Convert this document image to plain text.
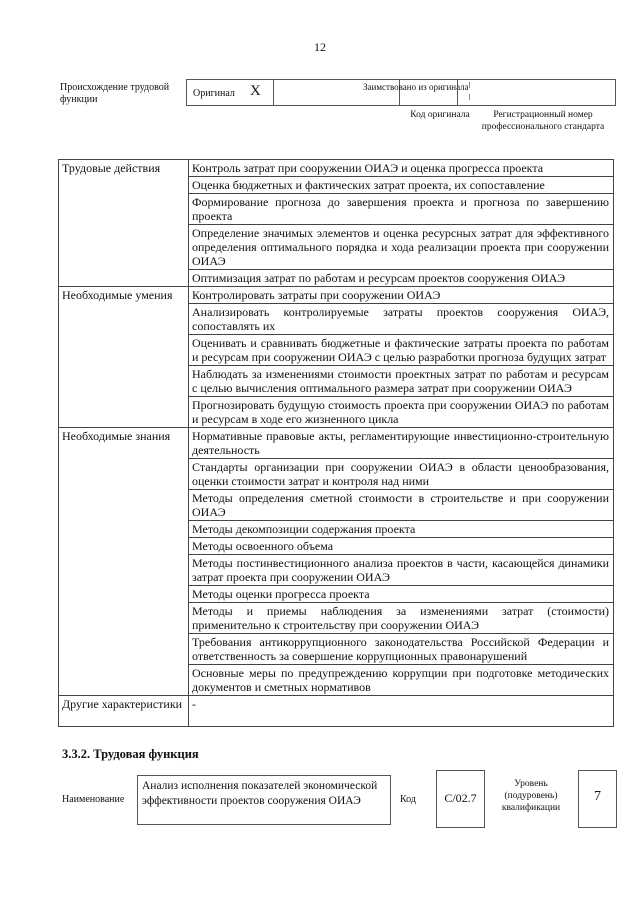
12
Происхождение трудовой функции
Оригинал X	Заимствовано из оригинала
Код оригинала	Регистрационный номер профессионального стандарта
Трудовые действия	Контроль затрат при сооружении ОИАЭ и оценка прогресса проекта
	Оценка бюджетных и фактических затрат проекта, их сопоставление
	Формирование прогноза до завершения проекта и прогноза по завершению проекта
	Определение значимых элементов и оценка ресурсных затрат для эффективного определения оптимального порядка и хода реализации проекта при сооружении ОИАЭ
	Оптимизация затрат по работам и ресурсам проектов сооружения ОИАЭ
Необходимые умения	Контролировать затраты при сооружении ОИАЭ
	Анализировать контролируемые затраты проектов сооружения ОИАЭ, сопоставлять их
	Оценивать и сравнивать бюджетные и фактические затраты проекта по работам и ресурсам при сооружении ОИАЭ с целью разработки прогноза будущих затрат
	Наблюдать за изменениями стоимости проектных затрат по работам и ресурсам с целью вычисления оптимального размера затрат при сооружении ОИАЭ
	Прогнозировать будущую стоимость проекта при сооружении ОИАЭ по работам и ресурсам в ходе его жизненного цикла
Необходимые знания	Нормативные правовые акты, регламентирующие инвестиционно-строительную деятельность
	Стандарты организации при сооружении ОИАЭ в области ценообразования, оценки стоимости затрат и контроля над ними
	Методы определения сметной стоимости в строительстве и при сооружении ОИАЭ
	Методы декомпозиции содержания проекта
	Методы освоенного объема
	Методы постинвестиционного анализа проектов в части, касающейся динамики затрат проекта при сооружении ОИАЭ
	Методы оценки прогресса проекта
	Методы и приемы наблюдения за изменениями затрат (стоимости) применительно к строительству при сооружении ОИАЭ
	Требования антикоррупционного законодательства Российской Федерации и ответственность за совершение коррупционных правонарушений
	Основные меры по предупреждению коррупции при подготовке методических документов и сметных нормативов
Другие характеристики	-
3.3.2. Трудовая функция
Наименование
Анализ исполнения показателей экономической эффективности проектов сооружения ОИАЭ	Код	C/02.7
Уровень (подуровень) квалификации
7
